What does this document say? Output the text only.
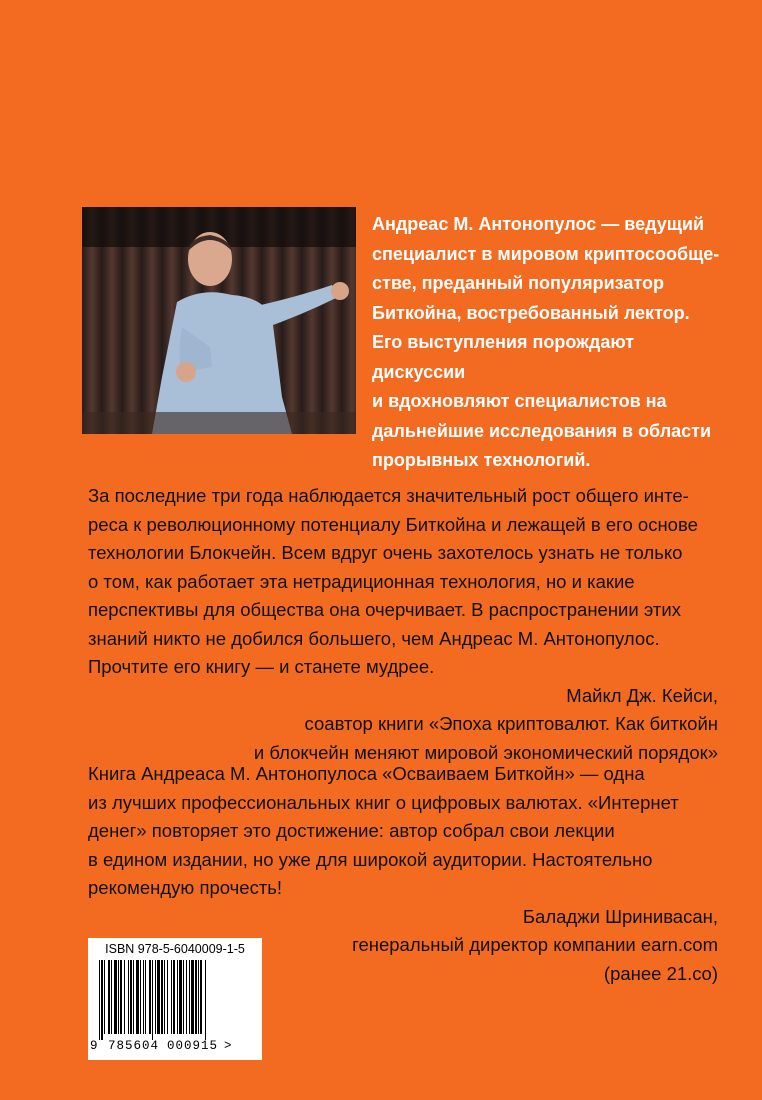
Андреас М. Антонопулос — ведущий

специалист в мировом криптосообще-

стве, преданный популяризатор

Биткойна, востребованный лектор.

Его выступления порождают дискуссии

и вдохновляют специалистов на

дальнейшие исследования в области

прорывных технологий.

За последние три года наблюдается значительный рост общего инте-

реса к революционному потенциалу Биткойна и лежащей в его основе

технологии Блокчейн. Всем вдруг очень захотелось узнать не только

о том, как работает эта нетрадиционная технология, но и какие

перспективы для общества она очерчивает. В распространении этих

знаний никто не добился большего, чем Андреас М. Антонопулос.

Прочтите его книгу — и станете мудрее.

Майкл Дж. Кейси,

соавтор книги «Эпоха криптовалют. Как биткойн

и блокчейн меняют мировой экономический порядок»

Книга Андреаса М. Антонопулоса «Осваиваем Биткойн» — одна

из лучших профессиональных книг о цифровых валютах. «Интернет

денег» повторяет это достижение: автор собрал свои лекции

в едином издании, но уже для широкой аудитории. Настоятельно

рекомендую прочесть!

Баладжи Шринивасан,

генеральный директор компании earn.com

(ранее 21.co)

ISBN 978-5-6040009-1-5
9 785604 000915 >
